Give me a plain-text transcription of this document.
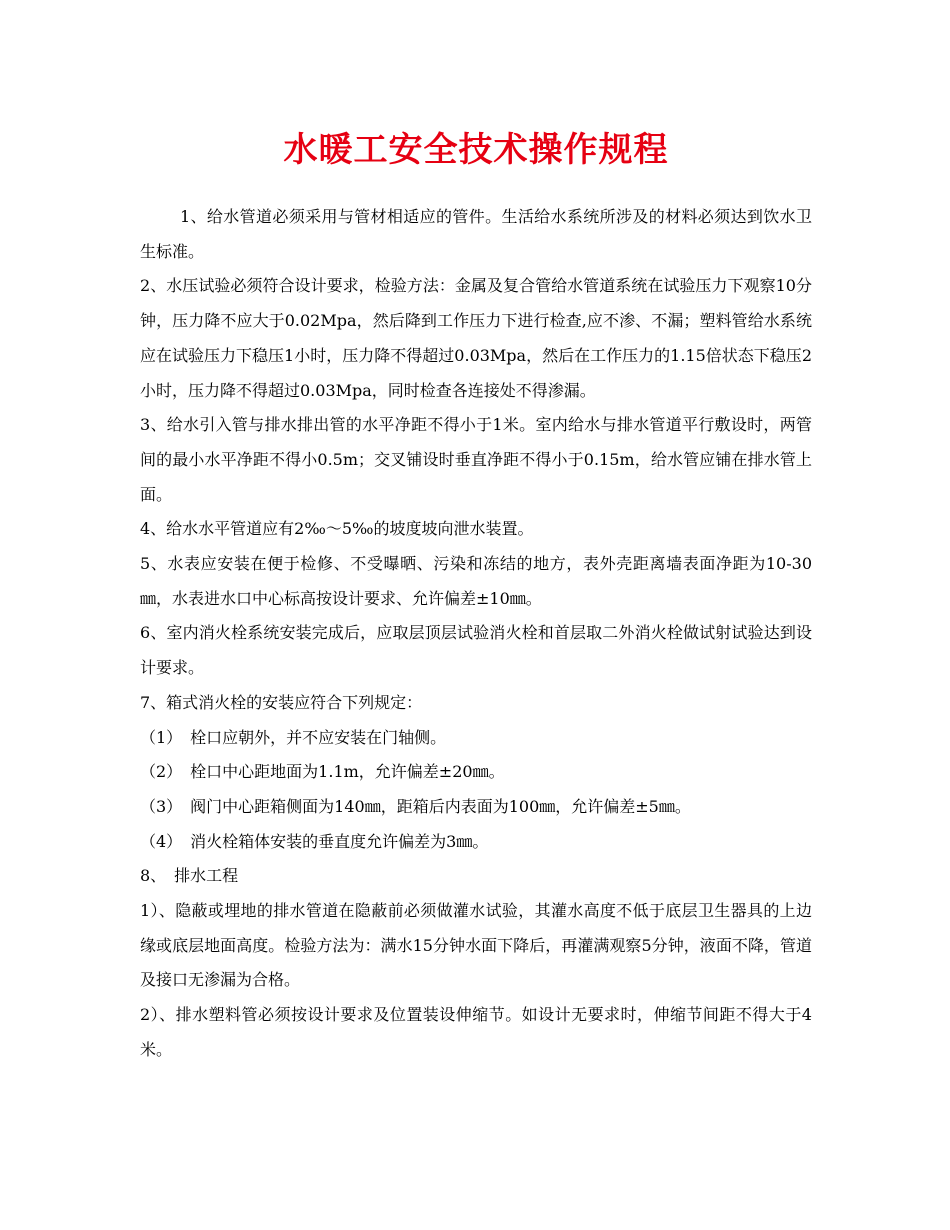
水暖工安全技术操作规程

1、给水管道必须采用与管材相适应的管件。生活给水系统所涉及的材料必须达到饮水卫生标准。

2、水压试验必须符合设计要求，检验方法：金属及复合管给水管道系统在试验压力下观察10分钟，压力降不应大于0.02Mpa，然后降到工作压力下进行检查,应不渗、不漏；塑料管给水系统应在试验压力下稳压1小时，压力降不得超过0.03Mpa，然后在工作压力的1.15倍状态下稳压2小时，压力降不得超过0.03Mpa，同时检查各连接处不得渗漏。

3、给水引入管与排水排出管的水平净距不得小于1米。室内给水与排水管道平行敷设时，两管间的最小水平净距不得小0.5m；交叉铺设时垂直净距不得小于0.15m，给水管应铺在排水管上面。

4、给水水平管道应有2‰～5‰的坡度坡向泄水装置。

5、水表应安装在便于检修、不受曝晒、污染和冻结的地方，表外壳距离墙表面净距为10-30㎜，水表进水口中心标高按设计要求、允许偏差±10㎜。

6、室内消火栓系统安装完成后，应取层顶层试验消火栓和首层取二外消火栓做试射试验达到设计要求。

7、箱式消火栓的安装应符合下列规定：

（1）　栓口应朝外，并不应安装在门轴侧。

（2）　栓口中心距地面为1.1m，允许偏差±20㎜。

（3）　阀门中心距箱侧面为140㎜，距箱后内表面为100㎜，允许偏差±5㎜。

（4）　消火栓箱体安装的垂直度允许偏差为3㎜。

8、　排水工程

1）、隐蔽或埋地的排水管道在隐蔽前必须做灌水试验，其灌水高度不低于底层卫生器具的上边缘或底层地面高度。检验方法为：满水15分钟水面下降后，再灌满观察5分钟，液面不降，管道及接口无渗漏为合格。

2）、排水塑料管必须按设计要求及位置装设伸缩节。如设计无要求时，伸缩节间距不得大于4米。
